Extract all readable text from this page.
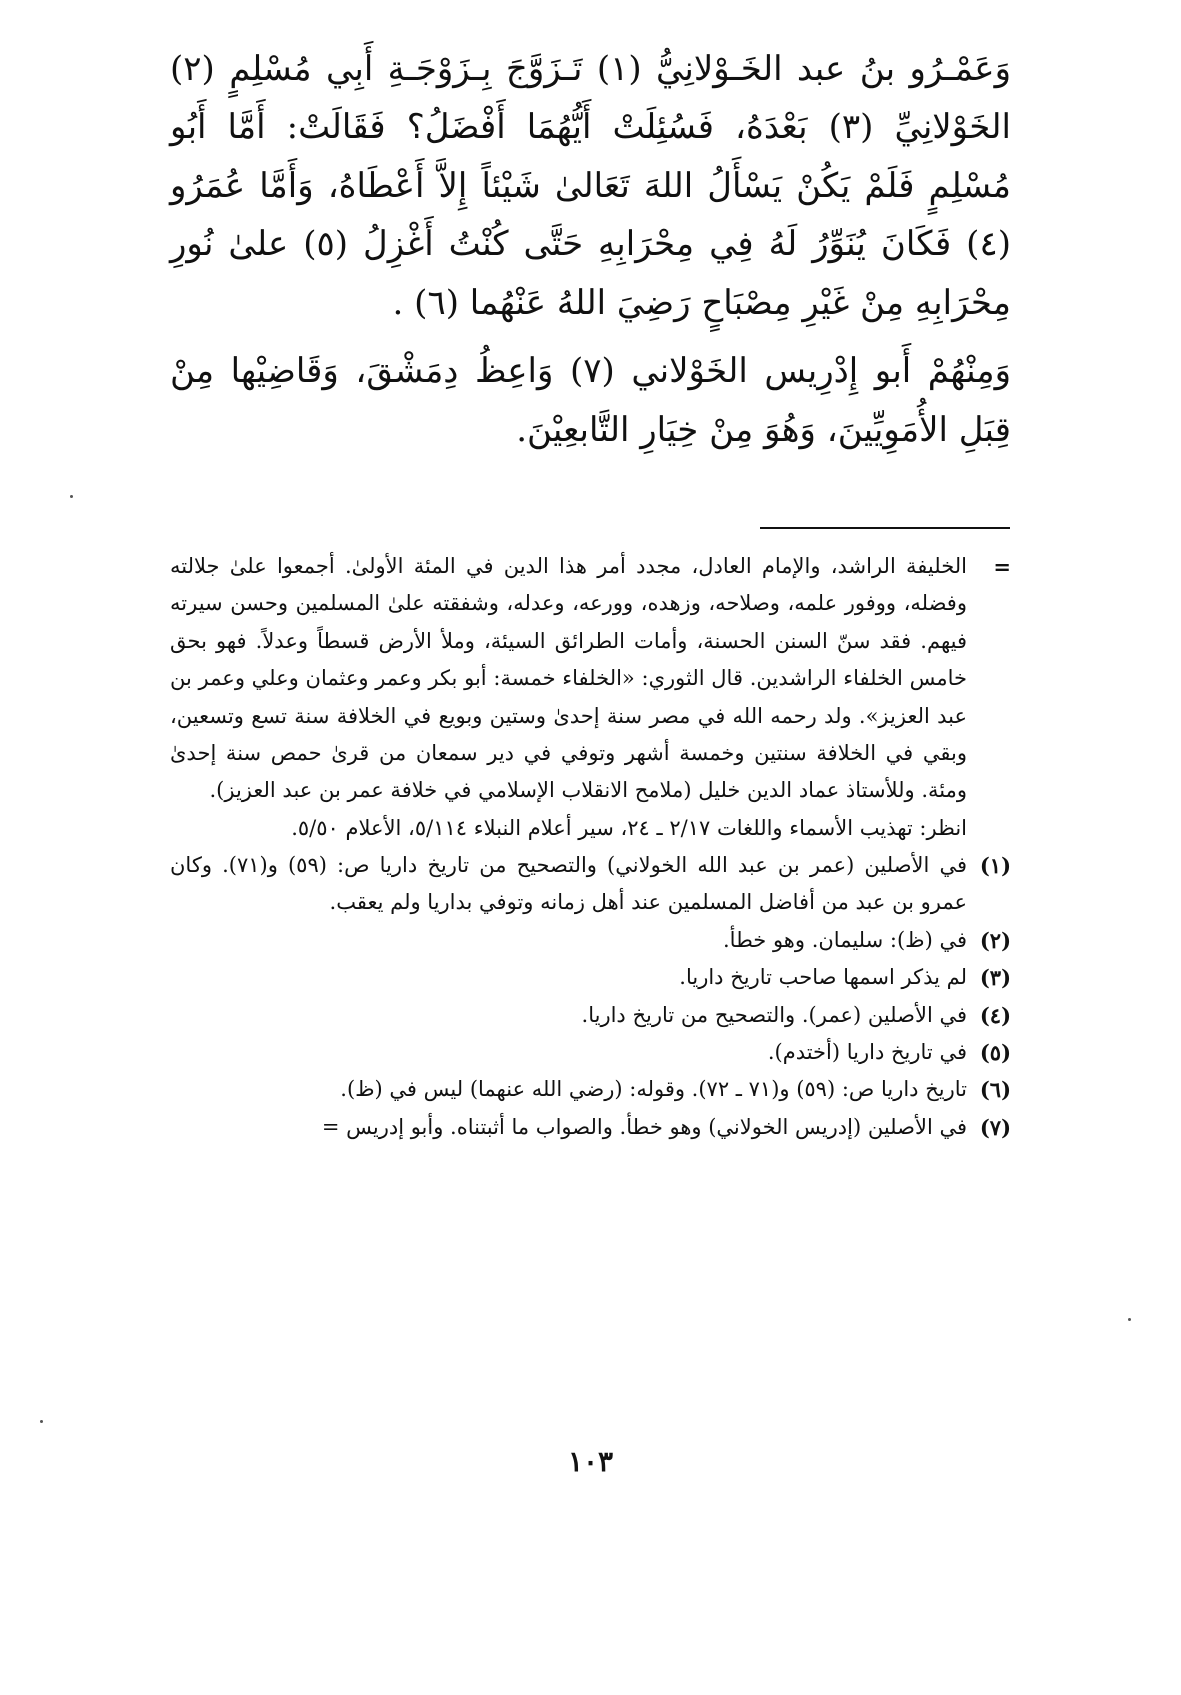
وَعَمْـرُو بنُ عبد الخَـوْلانِيُّ (١) تَـزَوَّجَ بِـزَوْجَـةِ أَبِي مُسْلِمٍ (٢) الخَوْلانِيِّ (٣) بَعْدَهُ، فَسُئِلَتْ أَيُّهُمَا أَفْضَلُ؟ فَقَالَتْ: أَمَّا أَبُو مُسْلِمٍ فَلَمْ يَكُنْ يَسْأَلُ اللهَ تَعَالىٰ شَيْئاً إِلاَّ أَعْطَاهُ، وَأَمَّا عُمَرُو (٤) فَكَانَ يُنَوِّرُ لَهُ فِي مِحْرَابِهِ حَتَّى كُنْتُ أَغْزِلُ (٥) علىٰ نُورِ مِحْرَابِهِ مِنْ غَيْرِ مِصْبَاحٍ رَضِيَ اللهُ عَنْهُما (٦) .

وَمِنْهُمْ أَبو إِدْرِيس الخَوْلاني (٧) وَاعِظُ دِمَشْقَ، وَقَاضِيْها مِنْ قِبَلِ الأُمَوِيِّينَ، وَهُوَ مِنْ خِيَارِ التَّابعِيْنَ.

=
الخليفة الراشد، والإمام العادل، مجدد أمر هذا الدين في المئة الأولىٰ. أجمعوا علىٰ جلالته وفضله، ووفور علمه، وصلاحه، وزهده، وورعه، وعدله، وشفقته علىٰ المسلمين وحسن سيرته فيهم. فقد سنّ السنن الحسنة، وأمات الطرائق السيئة، وملأ الأرض قسطاً وعدلاً. فهو بحق خامس الخلفاء الراشدين. قال الثوري: «الخلفاء خمسة: أبو بكر وعمر وعثمان وعلي وعمر بن عبد العزيز». ولد رحمه الله في مصر سنة إحدىٰ وستين وبويع في الخلافة سنة تسع وتسعين، وبقي في الخلافة سنتين وخمسة أشهر وتوفي في دير سمعان من قرىٰ حمص سنة إحدىٰ ومئة. وللأستاذ عماد الدين خليل (ملامح الانقلاب الإسلامي في خلافة عمر بن عبد العزيز).

انظر: تهذيب الأسماء واللغات ٢/١٧ ـ ٢٤، سير أعلام النبلاء ٥/١١٤، الأعلام ٥/٥٠.

(١)
في الأصلين (عمر بن عبد الله الخولاني) والتصحيح من تاريخ داريا ص: (٥٩) و(٧١). وكان عمرو بن عبد من أفاضل المسلمين عند أهل زمانه وتوفي بداريا ولم يعقب.
(٢)
في (ظ): سليمان. وهو خطأ.
(٣)
لم يذكر اسمها صاحب تاريخ داريا.
(٤)
في الأصلين (عمر). والتصحيح من تاريخ داريا.
(٥)
في تاريخ داريا (أختدم).
(٦)
تاريخ داريا ص: (٥٩) و(٧١ ـ ٧٢). وقوله: (رضي الله عنهما) ليس في (ظ).
(٧)
في الأصلين (إدريس الخولاني) وهو خطأ. والصواب ما أثبتناه. وأبو إدريس =
١٠٣
